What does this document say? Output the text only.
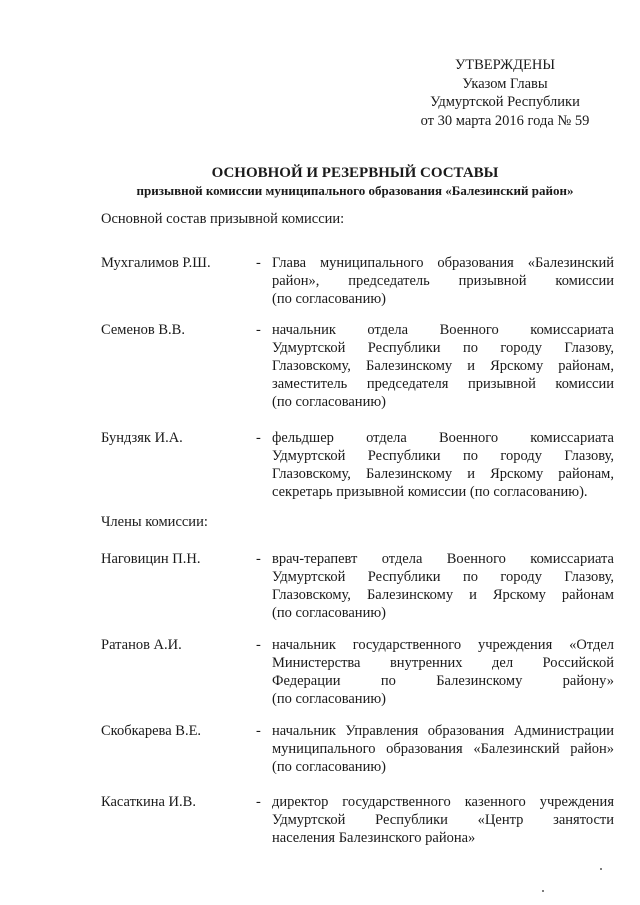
УТВЕРЖДЕНЫ
Указом Главы
Удмуртской Республики
от 30 марта 2016 года № 59
ОСНОВНОЙ И РЕЗЕРВНЫЙ СОСТАВЫ
призывной комиссии муниципального образования «Балезинский район»
Основной состав призывной комиссии:
Мухгалимов Р.Ш.	- Глава муниципального образования «Балезинский
район», председатель призывной комиссии
(по согласованию)
Семенов В.В.	- начальник отдела Военного комиссариата
Удмуртской Республики по городу Глазову,
Глазовскому, Балезинскому и Ярскому районам,
заместитель председателя призывной комиссии
(по согласованию)
Бундзяк И.А.	- фельдшер отдела Военного комиссариата
Удмуртской Республики по городу Глазову,
Глазовскому, Балезинскому и Ярскому районам,
секретарь призывной комиссии (по согласованию).
Члены комиссии:
Наговицин П.Н.	- врач-терапевт отдела Военного комиссариата
Удмуртской Республики по городу Глазову,
Глазовскому, Балезинскому и Ярскому районам
(по согласованию)
Ратанов А.И.	- начальник государственного учреждения «Отдел
Министерства внутренних дел Российской
Федерации по Балезинскому району»
(по согласованию)
Скобкарева В.Е.	- начальник Управления образования Администрации
муниципального образования «Балезинский район»
(по согласованию)
Касаткина И.В.	- директор государственного казенного учреждения
Удмуртской Республики «Центр занятости
населения Балезинского района»
